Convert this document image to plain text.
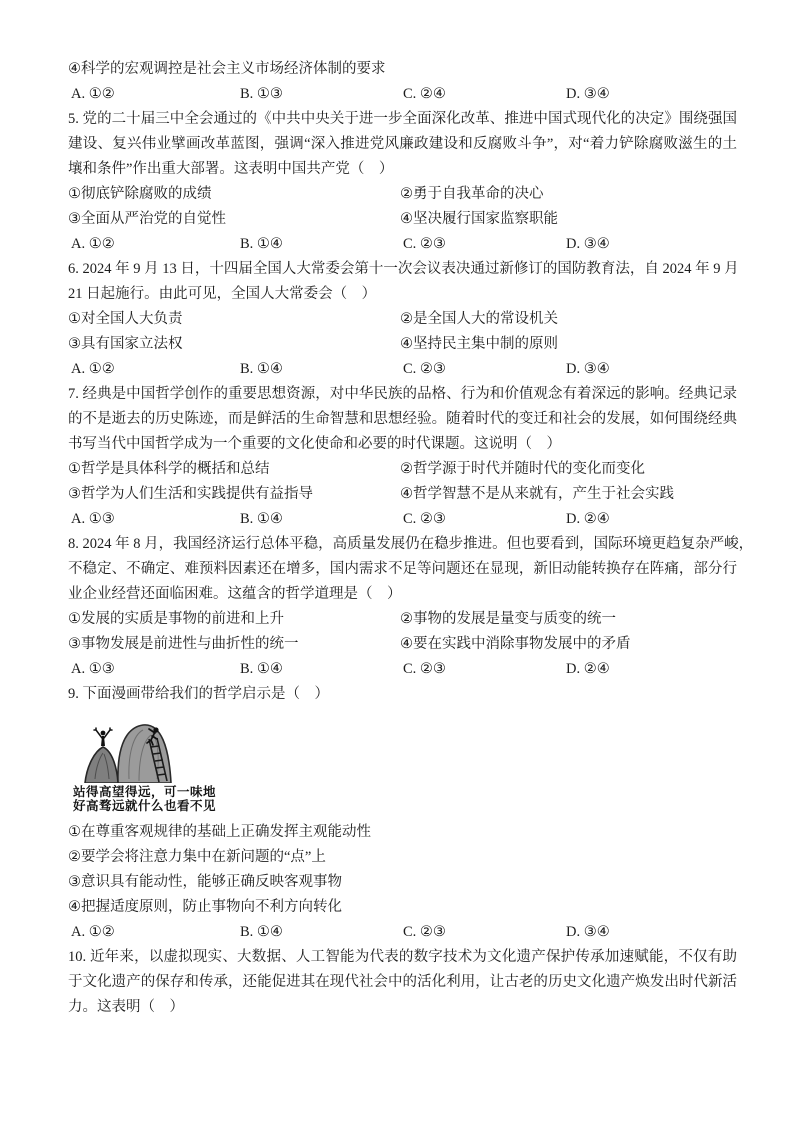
④科学的宏观调控是社会主义市场经济体制的要求
A. ①②	B. ①③	C. ②④	D. ③④
5. 党的二十届三中全会通过的《中共中央关于进一步全面深化改革、推进中国式现代化的决定》围绕强国
建设、复兴伟业擘画改革蓝图，强调“深入推进党风廉政建设和反腐败斗争”，对“着力铲除腐败滋生的土
壤和条件”作出重大部署。这表明中国共产党（　）
①彻底铲除腐败的成绩	②勇于自我革命的决心
③全面从严治党的自觉性	④坚决履行国家监察职能
A. ①②	B. ①④	C. ②③	D. ③④
6. 2024 年 9 月 13 日，十四届全国人大常委会第十一次会议表决通过新修订的国防教育法，自 2024 年 9 月
21 日起施行。由此可见，全国人大常委会（　）
①对全国人大负责	②是全国人大的常设机关
③具有国家立法权	④坚持民主集中制的原则
A. ①②	B. ①④	C. ②③	D. ③④
7. 经典是中国哲学创作的重要思想资源，对中华民族的品格、行为和价值观念有着深远的影响。经典记录
的不是逝去的历史陈迹，而是鲜活的生命智慧和思想经验。随着时代的变迁和社会的发展，如何围绕经典
书写当代中国哲学成为一个重要的文化使命和必要的时代课题。这说明（　）
①哲学是具体科学的概括和总结	②哲学源于时代并随时代的变化而变化
③哲学为人们生活和实践提供有益指导	④哲学智慧不是从来就有，产生于社会实践
A. ①③	B. ①④	C. ②③	D. ②④
8. 2024 年 8 月，我国经济运行总体平稳，高质量发展仍在稳步推进。但也要看到，国际环境更趋复杂严峻，
不稳定、不确定、难预料因素还在增多，国内需求不足等问题还在显现，新旧动能转换存在阵痛，部分行
业企业经营还面临困难。这蕴含的哲学道理是（　）
①发展的实质是事物的前进和上升	②事物的发展是量变与质变的统一
③事物发展是前进性与曲折性的统一	④要在实践中消除事物发展中的矛盾
A. ①③	B. ①④	C. ②③	D. ②④
9. 下面漫画带给我们的哲学启示是（　）
站得高望得远，可一味地
好高骛远就什么也看不见
①在尊重客观规律的基础上正确发挥主观能动性
②要学会将注意力集中在新问题的“点”上
③意识具有能动性，能够正确反映客观事物
④把握适度原则，防止事物向不利方向转化
A. ①②	B. ①④	C. ②③	D. ③④
10. 近年来，以虚拟现实、大数据、人工智能为代表的数字技术为文化遗产保护传承加速赋能，不仅有助
于文化遗产的保存和传承，还能促进其在现代社会中的活化利用，让古老的历史文化遗产焕发出时代新活
力。这表明（　）
